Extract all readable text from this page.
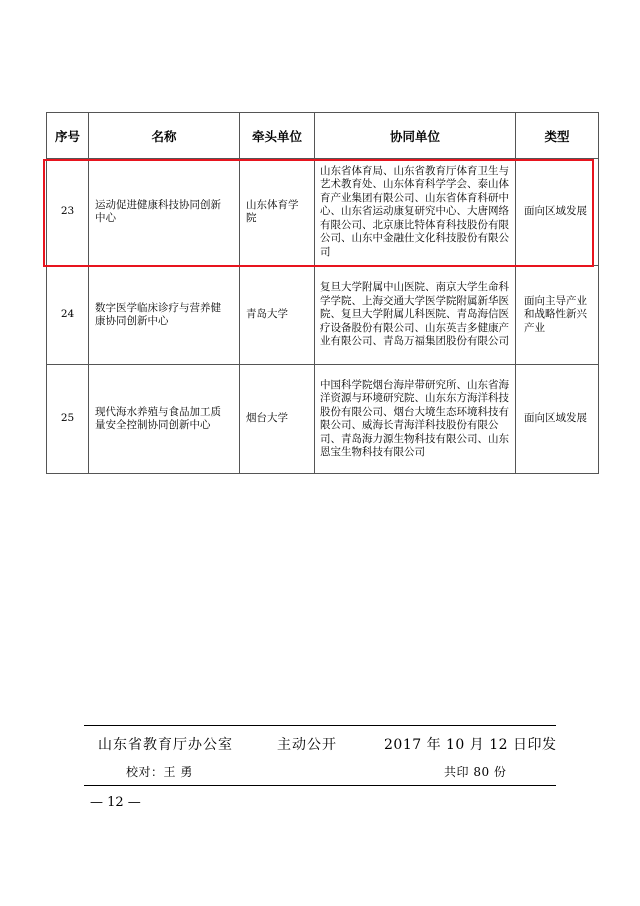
序号	名称	牵头单位	协同单位	类型
23	运动促进健康科技协同创新中心	山东体育学院	山东省体育局、山东省教育厅体育卫生与艺术教育处、山东体育科学学会、泰山体育产业集团有限公司、山东省体育科研中心、山东省运动康复研究中心、大唐网络有限公司、北京康比特体育科技股份有限公司、山东中金融仕文化科技股份有限公司	面向区域发展
24	数字医学临床诊疗与营养健康协同创新中心	青岛大学	复旦大学附属中山医院、南京大学生命科学学院、上海交通大学医学院附属新华医院、复旦大学附属儿科医院、青岛海信医疗设备股份有限公司、山东英吉多健康产业有限公司、青岛万福集团股份有限公司	面向主导产业和战略性新兴产业
25	现代海水养殖与食品加工质量安全控制协同创新中心	烟台大学	中国科学院烟台海岸带研究所、山东省海洋资源与环境研究院、山东东方海洋科技股份有限公司、烟台大境生态环境科技有限公司、威海长青海洋科技股份有限公司、青岛海力源生物科技有限公司、山东恩宝生物科技有限公司	面向区域发展
山东省教育厅办公室	主动公开	2017 年 10 月 12 日印发
校对：王 勇	共印 80 份
— 12 —
